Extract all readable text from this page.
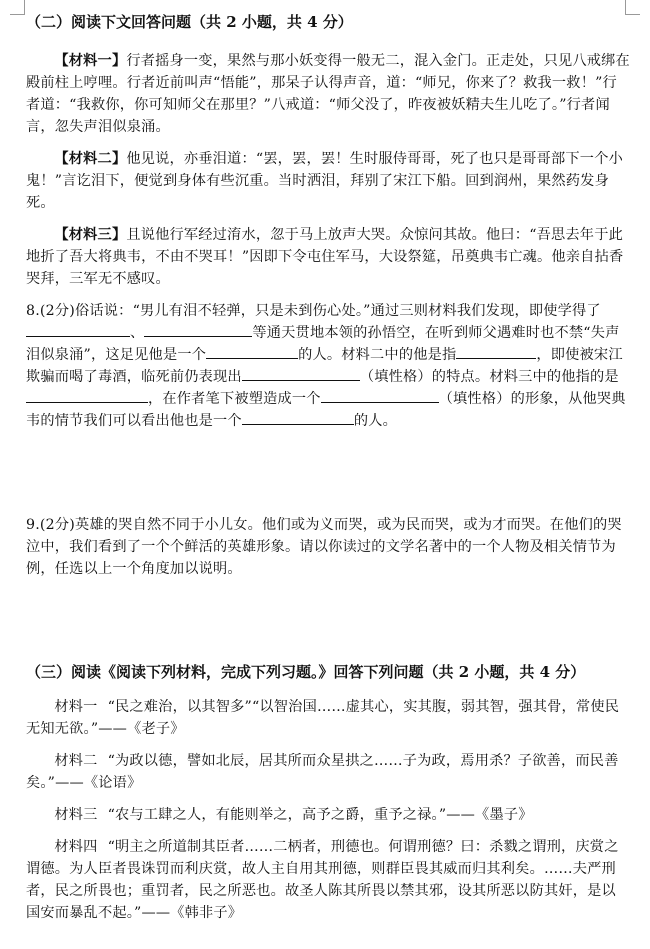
（二）阅读下文回答问题（共 2 小题，共 4 分）

【材料一】行者摇身一变，果然与那小妖变得一般无二，混入金门。正走处，只见八戒绑在殿前柱上哼哩。行者近前叫声“悟能”，那呆子认得声音，道：“师兄，你来了？救我一救！”行者道：“我救你，你可知师父在那里？”八戒道：“师父没了，昨夜被妖精夫生儿吃了。”行者闻言，忽失声泪似泉涌。

【材料二】他见说，亦垂泪道：“罢，罢，罢！生时服侍哥哥，死了也只是哥哥部下一个小鬼！”言讫泪下，便觉到身体有些沉重。当时洒泪，拜别了宋江下船。回到润州，果然药发身死。

【材料三】且说他行军经过淯水，忽于马上放声大哭。众惊问其故。他曰：“吾思去年于此地折了吾大将典韦，不由不哭耳！”因即下令屯住军马，大设祭筵，吊奠典韦亡魂。他亲自拈香哭拜，三军无不感叹。

8.(2分)俗话说：“男儿有泪不轻弹，只是未到伤心处。”通过三则材料我们发现，即使学得了、	等通天贯地本领的孙悟空，在听到师父遇难时也不禁“失声泪似泉涌”，这足见他是一个	的人。材料二中的他是指	，即使被宋江欺骗而喝了毒酒，临死前仍表现出	（填性格）的特点。材料三中的他指的是，在作者笔下被塑造成一个	（填性格）的形象，从他哭典韦的情节我们可以看出他也是一个	的人。

9.(2分)英雄的哭自然不同于小儿女。他们或为义而哭，或为民而哭，或为才而哭。在他们的哭泣中，我们看到了一个个鲜活的英雄形象。请以你读过的文学名著中的一个人物及相关情节为例，任选以上一个角度加以说明。

（三）阅读《阅读下列材料，完成下列习题。》回答下列问题（共 2 小题，共 4 分）

材料一 “民之难治，以其智多”“以智治国……虚其心，实其腹，弱其智，强其骨，常使民无知无欲。”——《老子》

材料二 “为政以德，譬如北辰，居其所而众星拱之……子为政，焉用杀？子欲善，而民善矣。”——《论语》

材料三 “农与工肆之人，有能则举之，高予之爵，重予之禄。”——《墨子》

材料四 “明主之所道制其臣者……二柄者，刑德也。何谓刑德？曰：杀戮之谓刑，庆赏之谓德。为人臣者畏诛罚而利庆赏，故人主自用其刑德，则群臣畏其威而归其利矣。……夫严刑者，民之所畏也；重罚者，民之所恶也。故圣人陈其所畏以禁其邪，设其所恶以防其奸，是以国安而暴乱不起。”——《韩非子》
